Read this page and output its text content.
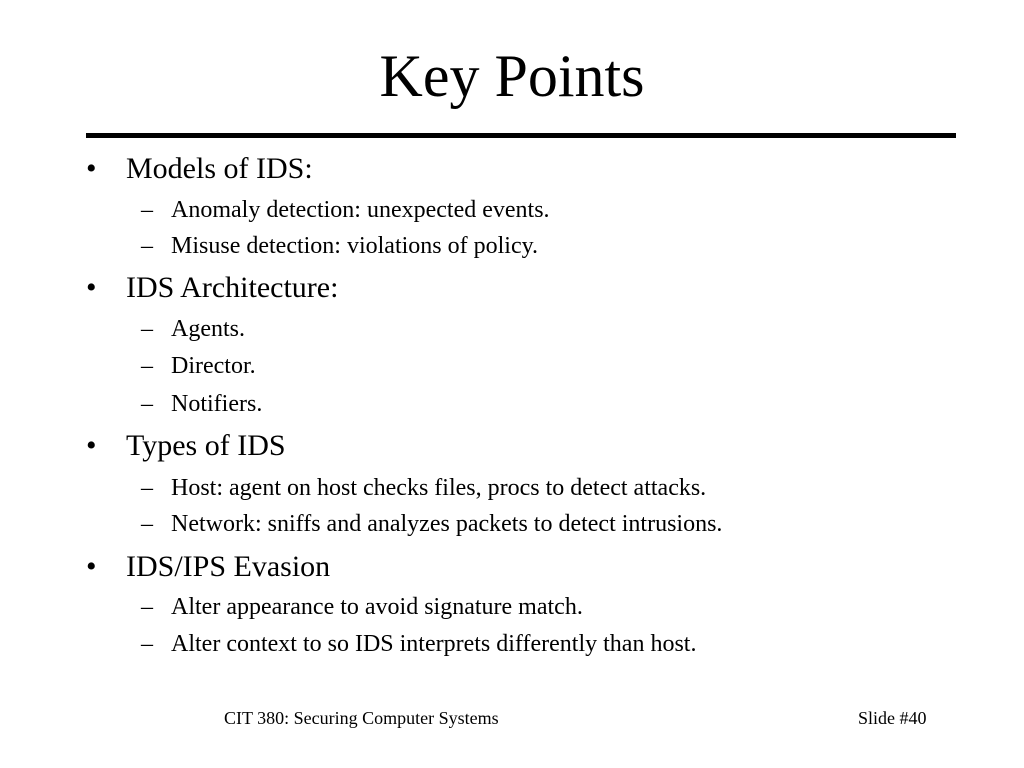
Key Points
• Models of IDS:
– Anomaly detection: unexpected events.
– Misuse detection: violations of policy.
• IDS Architecture:
– Agents.
– Director.
– Notifiers.
• Types of IDS
– Host: agent on host checks files, procs to detect attacks.
– Network: sniffs and analyzes packets to detect intrusions.
• IDS/IPS Evasion
– Alter appearance to avoid signature match.
– Alter context to so IDS interprets differently than host.
CIT 380: Securing Computer Systems	Slide #40
